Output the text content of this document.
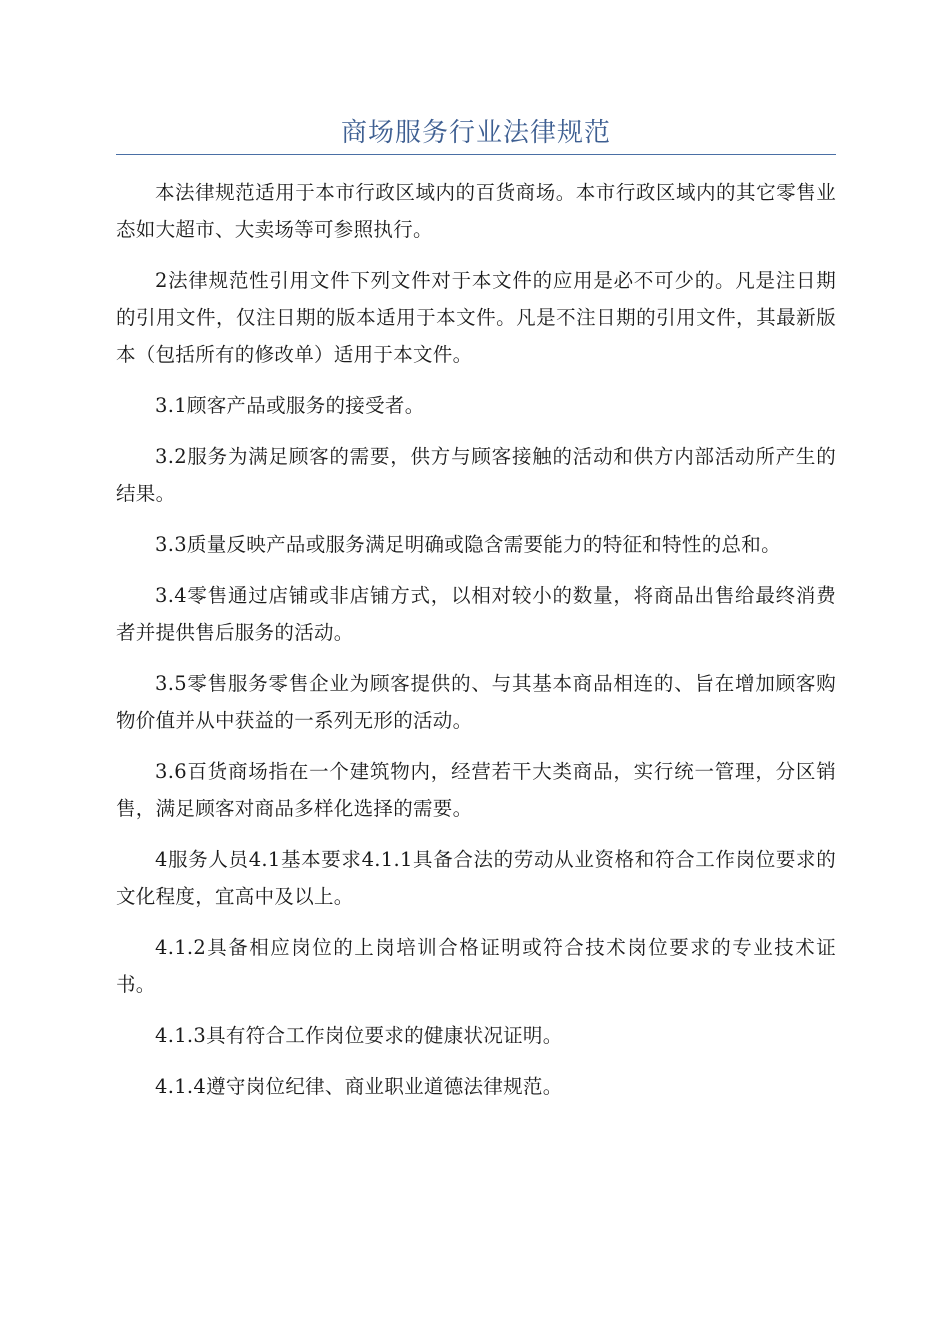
商场服务行业法律规范

本法律规范适用于本市行政区域内的百货商场。本市行政区域内的其它零售业态如大超市、大卖场等可参照执行。

2法律规范性引用文件下列文件对于本文件的应用是必不可少的。凡是注日期的引用文件，仅注日期的版本适用于本文件。凡是不注日期的引用文件，其最新版本（包括所有的修改单）适用于本文件。

3.1顾客产品或服务的接受者。

3.2服务为满足顾客的需要，供方与顾客接触的活动和供方内部活动所产生的结果。

3.3质量反映产品或服务满足明确或隐含需要能力的特征和特性的总和。

3.4零售通过店铺或非店铺方式，以相对较小的数量，将商品出售给最终消费者并提供售后服务的活动。

3.5零售服务零售企业为顾客提供的、与其基本商品相连的、旨在增加顾客购物价值并从中获益的一系列无形的活动。

3.6百货商场指在一个建筑物内，经营若干大类商品，实行统一管理，分区销售，满足顾客对商品多样化选择的需要。

4服务人员4.1基本要求4.1.1具备合法的劳动从业资格和符合工作岗位要求的文化程度，宜高中及以上。

4.1.2具备相应岗位的上岗培训合格证明或符合技术岗位要求的专业技术证书。

4.1.3具有符合工作岗位要求的健康状况证明。

4.1.4遵守岗位纪律、商业职业道德法律规范。
